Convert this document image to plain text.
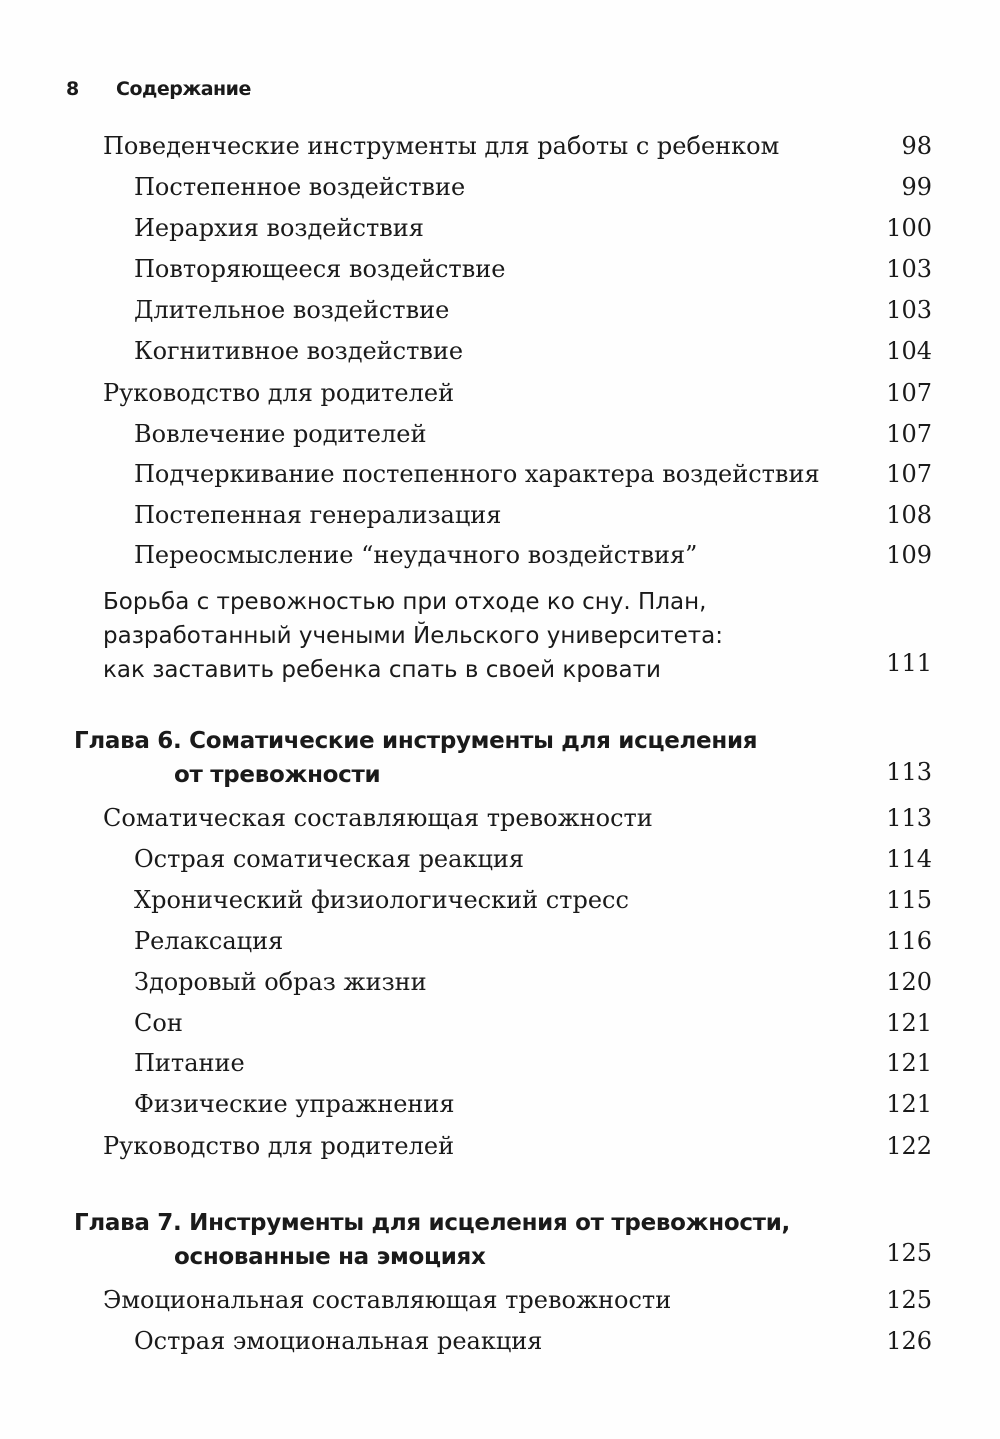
8 Содержание
Поведенческие инструменты для работы с ребенком	98
Постепенное воздействие	99
Иерархия воздействия	100
Повторяющееся воздействие	103
Длительное воздействие	103
Когнитивное воздействие	104
Руководство для родителей	107
Вовлечение родителей	107
Подчеркивание постепенного характера воздействия	107
Постепенная генерализация	108
Переосмысление “неудачного воздействия”	109
Борьба с тревожностью при отходе ко сну. План,
разработанный учеными Йельского университета:
как заставить ребенка спать в своей кровати	111
Глава 6. Соматические инструменты для исцеления
от тревожности	113
Соматическая составляющая тревожности	113
Острая соматическая реакция	114
Хронический физиологический стресс	115
Релаксация	116
Здоровый образ жизни	120
Сон	121
Питание	121
Физические упражнения	121
Руководство для родителей	122
Глава 7. Инструменты для исцеления от тревожности,
основанные на эмоциях	125
Эмоциональная составляющая тревожности	125
Острая эмоциональная реакция	126
